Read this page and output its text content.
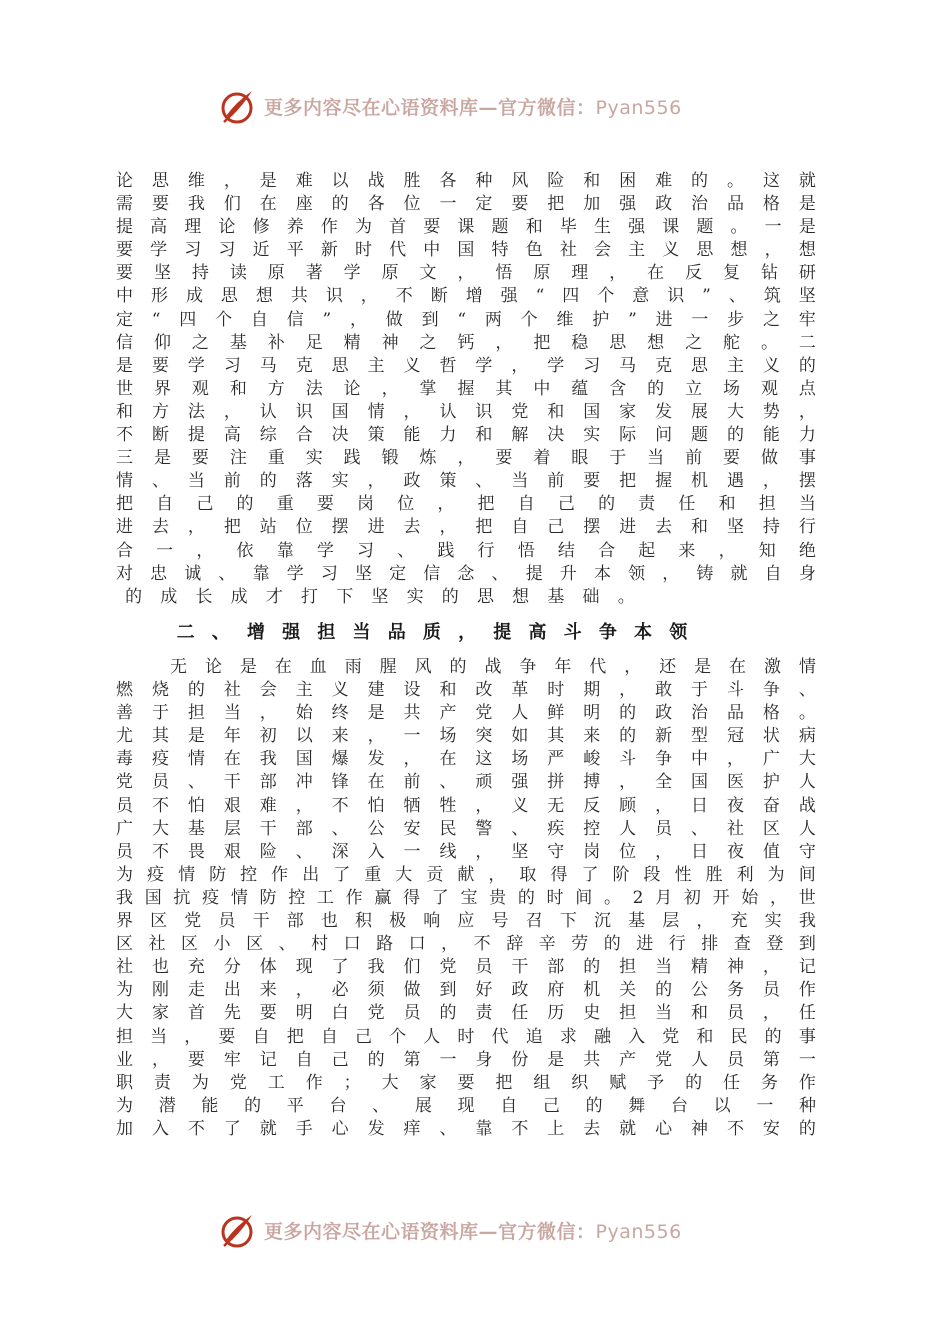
更多内容尽在心语资料库—官方微信：Pyan556
论 思 维 ， 是 难 以 战 胜 各 种 风 险 和 困 难 的 。 这 就
需 要 我 们 在 座 的 各 位 一 定 要 把 加 强 政 治 品 格 是
提 高 理 论 修 养 作 为 首 要 课 题 和 毕 生 强 课 题 。 一 是
要 学 习 习 近 平 新 时 代 中 国 特 色 社 会 主 义 思 想 ， 想
要 坚 持 读 原 著 学 原 文 ， 悟 原 理 ， 在 反 复 钻 研
中 形 成 思 想 共 识 ， 不 断 增 强 “ 四 个 意 识 ” 、 筑 坚
定 “ 四 个 自 信 ” ， 做 到 “ 两 个 维 护 ” 进 一 步 之 牢
信 仰 之 基 补 足 精 神 之 钙 ， 把 稳 思 想 之 舵 。 二
是 要 学 习 马 克 思 主 义 哲 学 ， 学 习 马 克 思 主 义 的
世 界 观 和 方 法 论 ， 掌 握 其 中 蕴 含 的 立 场 观 点
和 方 法 ， 认 识 国 情 ， 认 识 党 和 国 家 发 展 大 势 ，
不 断 提 高 综 合 决 策 能 力 和 解 决 实 际 问 题 的 能 力
三 是 要 注 重 实 践 锻 炼 ， 要 着 眼 于 当 前 要 做 事
情 、 当 前 的 落 实 ， 政 策 、 当 前 要 把 握 机 遇 ， 摆
把 自 己 的 重 要 岗 位 ， 把 自 己 的 责 任 和 担 当
进 去 ， 把 站 位 摆 进 去 ， 把 自 己 摆 进 去 和 坚 持 行
合 一 ， 依 靠 学 习 、 践 行 悟 结 合 起 来 ， 知 绝
对 忠 诚 、 靠 学 习 坚 定 信 念 、 提 升 本 领 ， 铸 就 自 身
的	成	长	成	才	打	下	坚	实	的	思	想	基	础	。
二 、 增 强 担 当 品 质 ， 提 高 斗 争 本 领
无 论 是 在 血 雨 腥 风 的 战 争 年 代 ， 还 是 在 激 情
燃 烧 的 社 会 主 义 建 设 和 改 革 时 期 ， 敢 于 斗 争 、
善 于 担 当 ， 始 终 是 共 产 党 人 鲜 明 的 政 治 品 格 。
尤 其 是 年 初 以 来 ， 一 场 突 如 其 来 的 新 型 冠 状 病
毒 疫 情 在 我 国 爆 发 ， 在 这 场 严 峻 斗 争 中 ， 广 大
党 员 、 干 部 冲 锋 在 前 、 顽 强 拼 搏 ， 全 国 医 护 人
员 不 怕 艰 难 ， 不 怕 牺 牲 ， 义 无 反 顾 ， 日 夜 奋 战
广 大 基 层 干 部 、 公 安 民 警 、 疾 控 人 员 、 社 区 人
员 不 畏 艰 险 、 深 入 一 线 ， 坚 守 岗 位 ， 日 夜 值 守
为 疫 情 防 控 作 出 了 重 大 贡 献 ， 取 得 了 阶 段 性 胜 利 为 间
我 国 抗 疫 情 防 控 工 作 赢 得 了 宝 贵 的 时 间 。 2 月 初 开 始 ， 世
界 区 党 员 干 部 也 积 极 响 应 号 召 下 沉 基 层 ， 充 实 我
区 社 区 小 区 、 村 口 路 口 ， 不 辞 辛 劳 的 进 行 排 查 登 到
社 也 充 分 体 现 了 我 们 党 员 干 部 的 担 当 精 神 ， 记
为 刚 走 出 来 ， 必 须 做 到 好 政 府 机 关 的 公 务 员 作
大 家 首 先 要 明 白 党 员 的 责 任 历 史 担 当 和 员 ， 任
担 当 ， 要 自 把 自 己 个 人 时 代 追 求 融 入 党 和 民 的 事
业 ， 要 牢 记 自 己 的 第 一 身 份 是 共 产 党 人 员 第 一
职 责 为 党 工 作 ； 大 家 要 把 组 织 赋 予 的 任 务 作
为 潜 能 的 平 台 、 展 现 自 己 的 舞 台 以 一 种
加 入 不 了 就 手 心 发 痒 、 靠 不 上 去 就 心 神 不 安 的
更多内容尽在心语资料库—官方微信：Pyan556
